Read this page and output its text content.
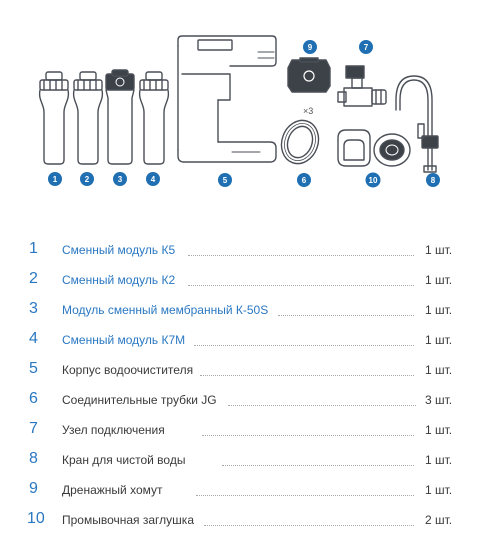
×3
1	2	3	4	5	6
7
8
9
10
1 Сменный модуль К5	1 шт.
2 Сменный модуль К2	1 шт.
3 Модуль сменный мембранный К-50S	1 шт.
4 Сменный модуль К7М	1 шт.
5 Корпус водоочистителя	1 шт.
6 Соединительные трубки JG	3 шт.
7 Узел подключения	1 шт.
8 Кран для чистой воды	1 шт.
9 Дренажный хомут	1 шт.
10 Промывочная заглушка	2 шт.
